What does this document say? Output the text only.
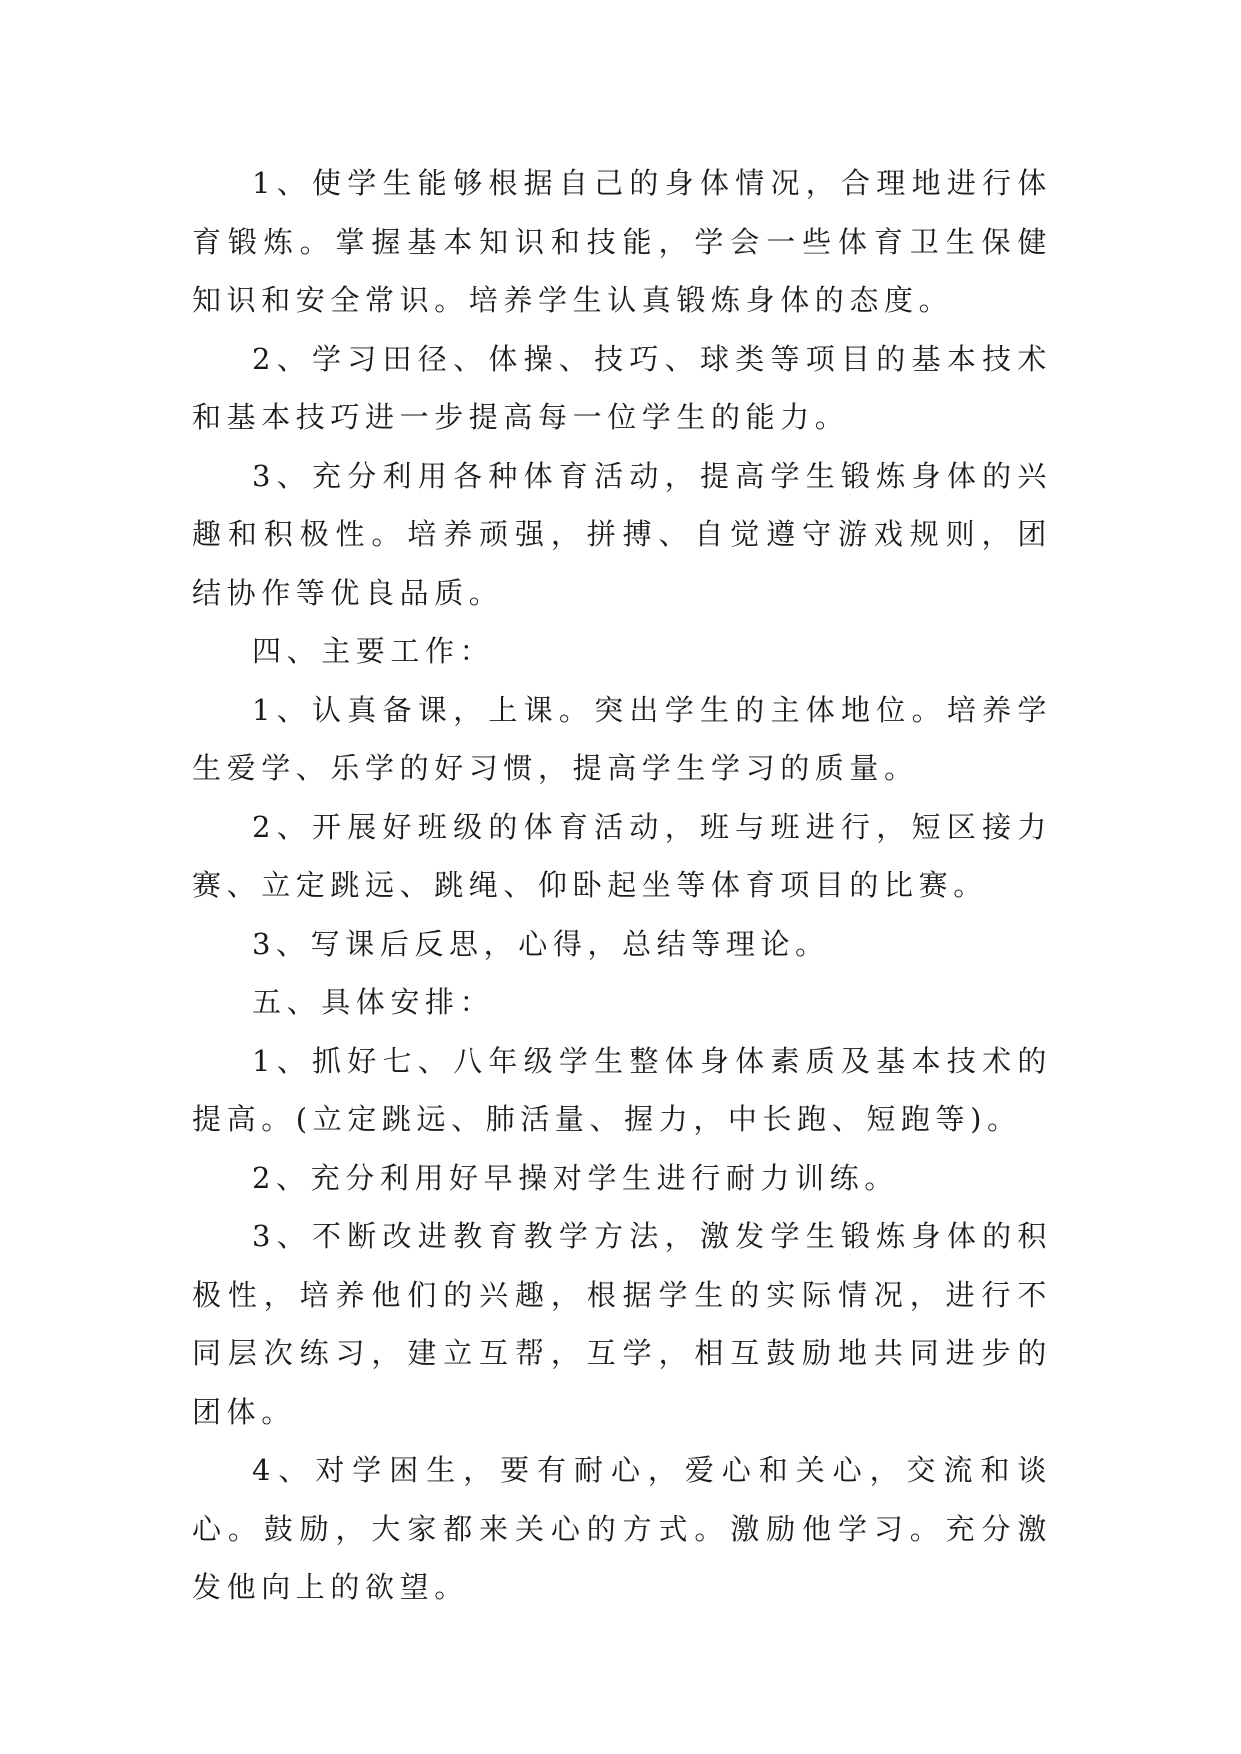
1、使学生能够根据自己的身体情况，合理地进行体育锻炼。掌握基本知识和技能，学会一些体育卫生保健知识和安全常识。培养学生认真锻炼身体的态度。

2、学习田径、体操、技巧、球类等项目的基本技术和基本技巧进一步提高每一位学生的能力。

3、充分利用各种体育活动，提高学生锻炼身体的兴趣和积极性。培养顽强，拼搏、自觉遵守游戏规则，团结协作等优良品质。

四、主要工作：

1、认真备课，上课。突出学生的主体地位。培养学生爱学、乐学的好习惯，提高学生学习的质量。

2、开展好班级的体育活动，班与班进行，短区接力赛、立定跳远、跳绳、仰卧起坐等体育项目的比赛。

3、写课后反思，心得，总结等理论。

五、具体安排：

1、抓好七、八年级学生整体身体素质及基本技术的提高。(立定跳远、肺活量、握力，中长跑、短跑等)。

2、充分利用好早操对学生进行耐力训练。

3、不断改进教育教学方法，激发学生锻炼身体的积极性，培养他们的兴趣，根据学生的实际情况，进行不同层次练习，建立互帮，互学，相互鼓励地共同进步的团体。

4、对学困生，要有耐心，爱心和关心，交流和谈心。鼓励，大家都来关心的方式。激励他学习。充分激发他向上的欲望。
